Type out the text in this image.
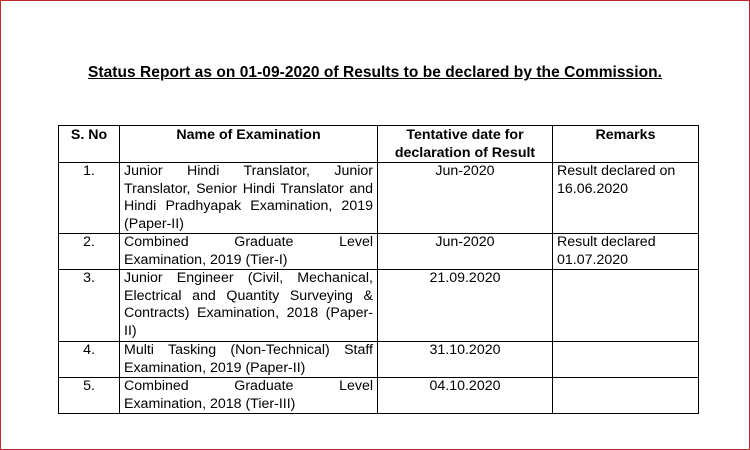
Status Report as on 01-09-2020 of Results to be declared by the Commission.
S. No	Name of Examination	Tentative date for declaration of Result	Remarks
1.	Junior Hindi Translator, Junior Translator, Senior Hindi Translator and Hindi Pradhyapak Examination, 2019 (Paper-II)	Jun-2020	Result declared on 16.06.2020
2.	Combined Graduate Level Examination, 2019 (Tier-I)	Jun-2020	Result declared 01.07.2020
3.	Junior Engineer (Civil, Mechanical, Electrical and Quantity Surveying & Contracts) Examination, 2018 (Paper-II)	21.09.2020	
4.	Multi Tasking (Non-Technical) Staff Examination, 2019 (Paper-II)	31.10.2020	
5.	Combined Graduate Level Examination, 2018 (Tier-III)	04.10.2020	
